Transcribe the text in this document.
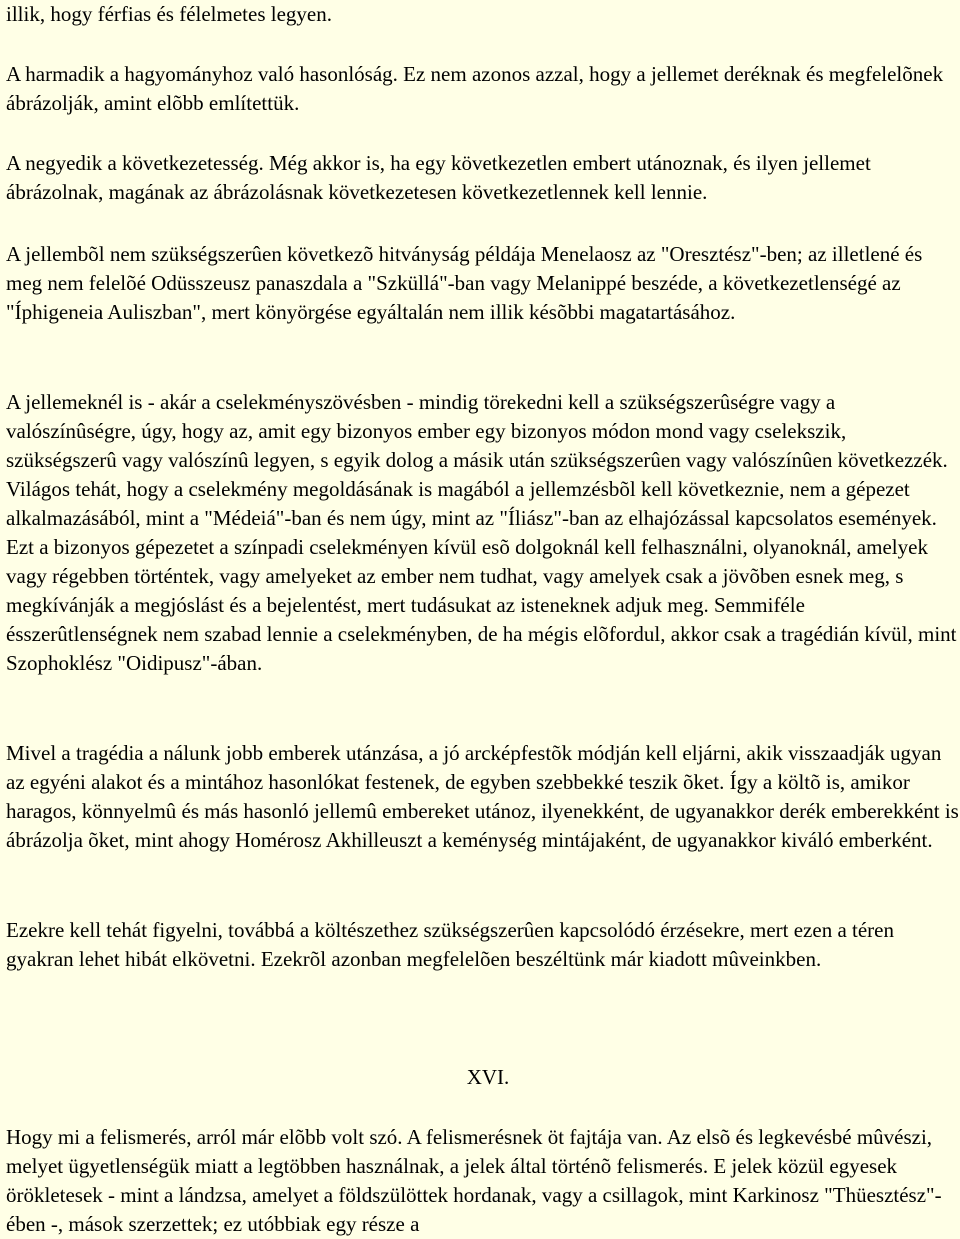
illik, hogy férfias és félelmetes legyen.

A harmadik a hagyományhoz való hasonlóság. Ez nem azonos azzal, hogy a jellemet deréknak és megfelelõnek ábrázolják, amint elõbb említettük.

A negyedik a következetesség. Még akkor is, ha egy következetlen embert utánoznak, és ilyen jellemet ábrázolnak, magának az ábrázolásnak következetesen következetlennek kell lennie.

A jellembõl nem szükségszerûen következõ hitványság példája Menelaosz az "Oresztész"-ben; az illetlené és meg nem felelõé Odüsszeusz panaszdala a "Szküllá"-ban vagy Melanippé beszéde, a következetlenségé az "Íphigeneia Auliszban", mert könyörgése egyáltalán nem illik késõbbi magatartásához.

A jellemeknél is - akár a cselekményszövésben - mindig törekedni kell a szükségszerûségre vagy a valószínûségre, úgy, hogy az, amit egy bizonyos ember egy bizonyos módon mond vagy cselekszik, szükségszerû vagy valószínû legyen, s egyik dolog a másik után szükségszerûen vagy valószínûen következzék. Világos tehát, hogy a cselekmény megoldásának is magából a jellemzésbõl kell következnie, nem a gépezet alkalmazásából, mint a "Médeiá"-ban és nem úgy, mint az "Íliász"-ban az elhajózással kapcsolatos események. Ezt a bizonyos gépezetet a színpadi cselekményen kívül esõ dolgoknál kell felhasználni, olyanoknál, amelyek vagy régebben történtek, vagy amelyeket az ember nem tudhat, vagy amelyek csak a jövõben esnek meg, s megkívánják a megjóslást és a bejelentést, mert tudásukat az isteneknek adjuk meg. Semmiféle ésszerûtlenségnek nem szabad lennie a cselekményben, de ha mégis elõfordul, akkor csak a tragédián kívül, mint Szophoklész "Oidipusz"-ában.

Mivel a tragédia a nálunk jobb emberek utánzása, a jó arcképfestõk módján kell eljárni, akik visszaadják ugyan az egyéni alakot és a mintához hasonlókat festenek, de egyben szebbekké teszik õket. Így a költõ is, amikor haragos, könnyelmû és más hasonló jellemû embereket utánoz, ilyenekként, de ugyanakkor derék emberekként is ábrázolja õket, mint ahogy Homérosz Akhilleuszt a keménység mintájaként, de ugyanakkor kiváló emberként.

Ezekre kell tehát figyelni, továbbá a költészethez szükségszerûen kapcsolódó érzésekre, mert ezen a téren gyakran lehet hibát elkövetni. Ezekrõl azonban megfelelõen beszéltünk már kiadott mûveinkben.

XVI.

Hogy mi a felismerés, arról már elõbb volt szó. A felismerésnek öt fajtája van. Az elsõ és legkevésbé mûvészi, melyet ügyetlenségük miatt a legtöbben használnak, a jelek által történõ felismerés. E jelek közül egyesek örökletesek - mint a lándzsa, amelyet a földszülöttek hordanak, vagy a csillagok, mint Karkinosz "Thüesztész"-ében -, mások szerzettek; ez utóbbiak egy része a
